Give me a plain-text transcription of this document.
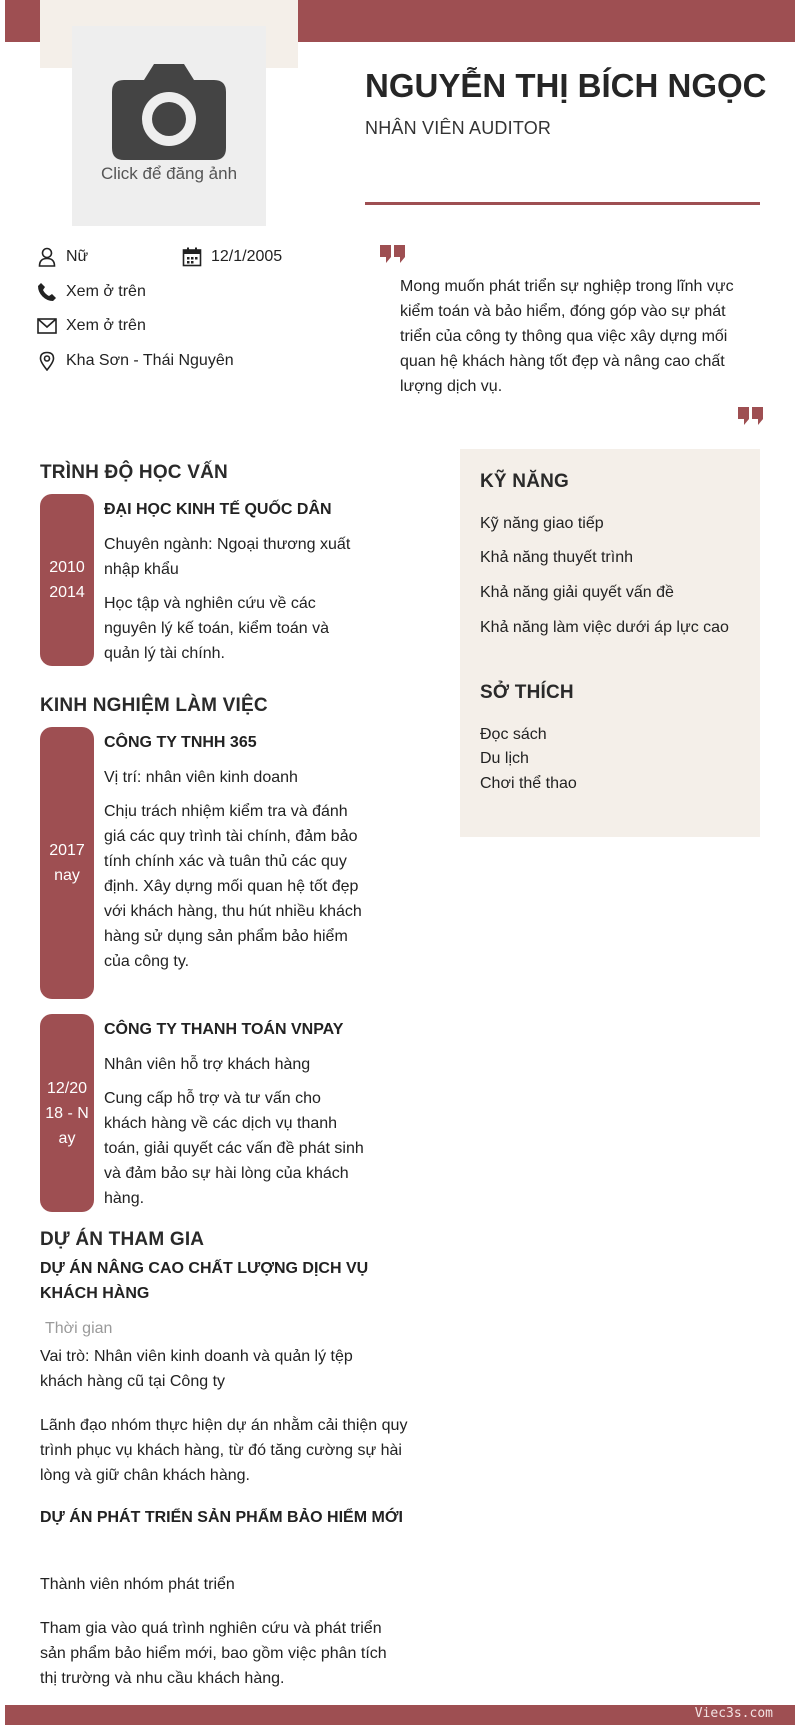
Click để đăng ảnh
NGUYỄN THỊ BÍCH NGỌC
NHÂN VIÊN AUDITOR
Nữ	12/1/2005
Xem ở trên
Xem ở trên
Kha Sơn - Thái Nguyên
Mong muốn phát triển sự nghiệp trong lĩnh vực kiểm toán và bảo hiểm, đóng góp vào sự phát triển của công ty thông qua việc xây dựng mối quan hệ khách hàng tốt đẹp và nâng cao chất lượng dịch vụ.
TRÌNH ĐỘ HỌC VẤN
2010
2014
ĐẠI HỌC KINH TẾ QUỐC DÂN

Chuyên ngành: Ngoại thương xuất nhập khẩu

Học tập và nghiên cứu về các nguyên lý kế toán, kiểm toán và quản lý tài chính.

KINH NGHIỆM LÀM VIỆC
2017
nay
CÔNG TY TNHH 365

Vị trí: nhân viên kinh doanh

Chịu trách nhiệm kiểm tra và đánh giá các quy trình tài chính, đảm bảo tính chính xác và tuân thủ các quy định. Xây dựng mối quan hệ tốt đẹp với khách hàng, thu hút nhiều khách hàng sử dụng sản phẩm bảo hiểm của công ty.

12/2018 - Nay
CÔNG TY THANH TOÁN VNPAY

Nhân viên hỗ trợ khách hàng

Cung cấp hỗ trợ và tư vấn cho khách hàng về các dịch vụ thanh toán, giải quyết các vấn đề phát sinh và đảm bảo sự hài lòng của khách hàng.

DỰ ÁN THAM GIA
DỰ ÁN NÂNG CAO CHẤT LƯỢNG DỊCH VỤ KHÁCH HÀNG
Thời gian
Vai trò: Nhân viên kinh doanh và quản lý tệp khách hàng cũ tại Công ty
Lãnh đạo nhóm thực hiện dự án nhằm cải thiện quy trình phục vụ khách hàng, từ đó tăng cường sự hài lòng và giữ chân khách hàng.
DỰ ÁN PHÁT TRIỂN SẢN PHẨM BẢO HIỂM MỚI
Thành viên nhóm phát triển
Tham gia vào quá trình nghiên cứu và phát triển sản phẩm bảo hiểm mới, bao gồm việc phân tích thị trường và nhu cầu khách hàng.
KỸ NĂNG
Kỹ năng giao tiếp
Khả năng thuyết trình
Khả năng giải quyết vấn đề
Khả năng làm việc dưới áp lực cao
SỞ THÍCH
Đọc sách
Du lịch
Chơi thể thao
Viec3s.com
